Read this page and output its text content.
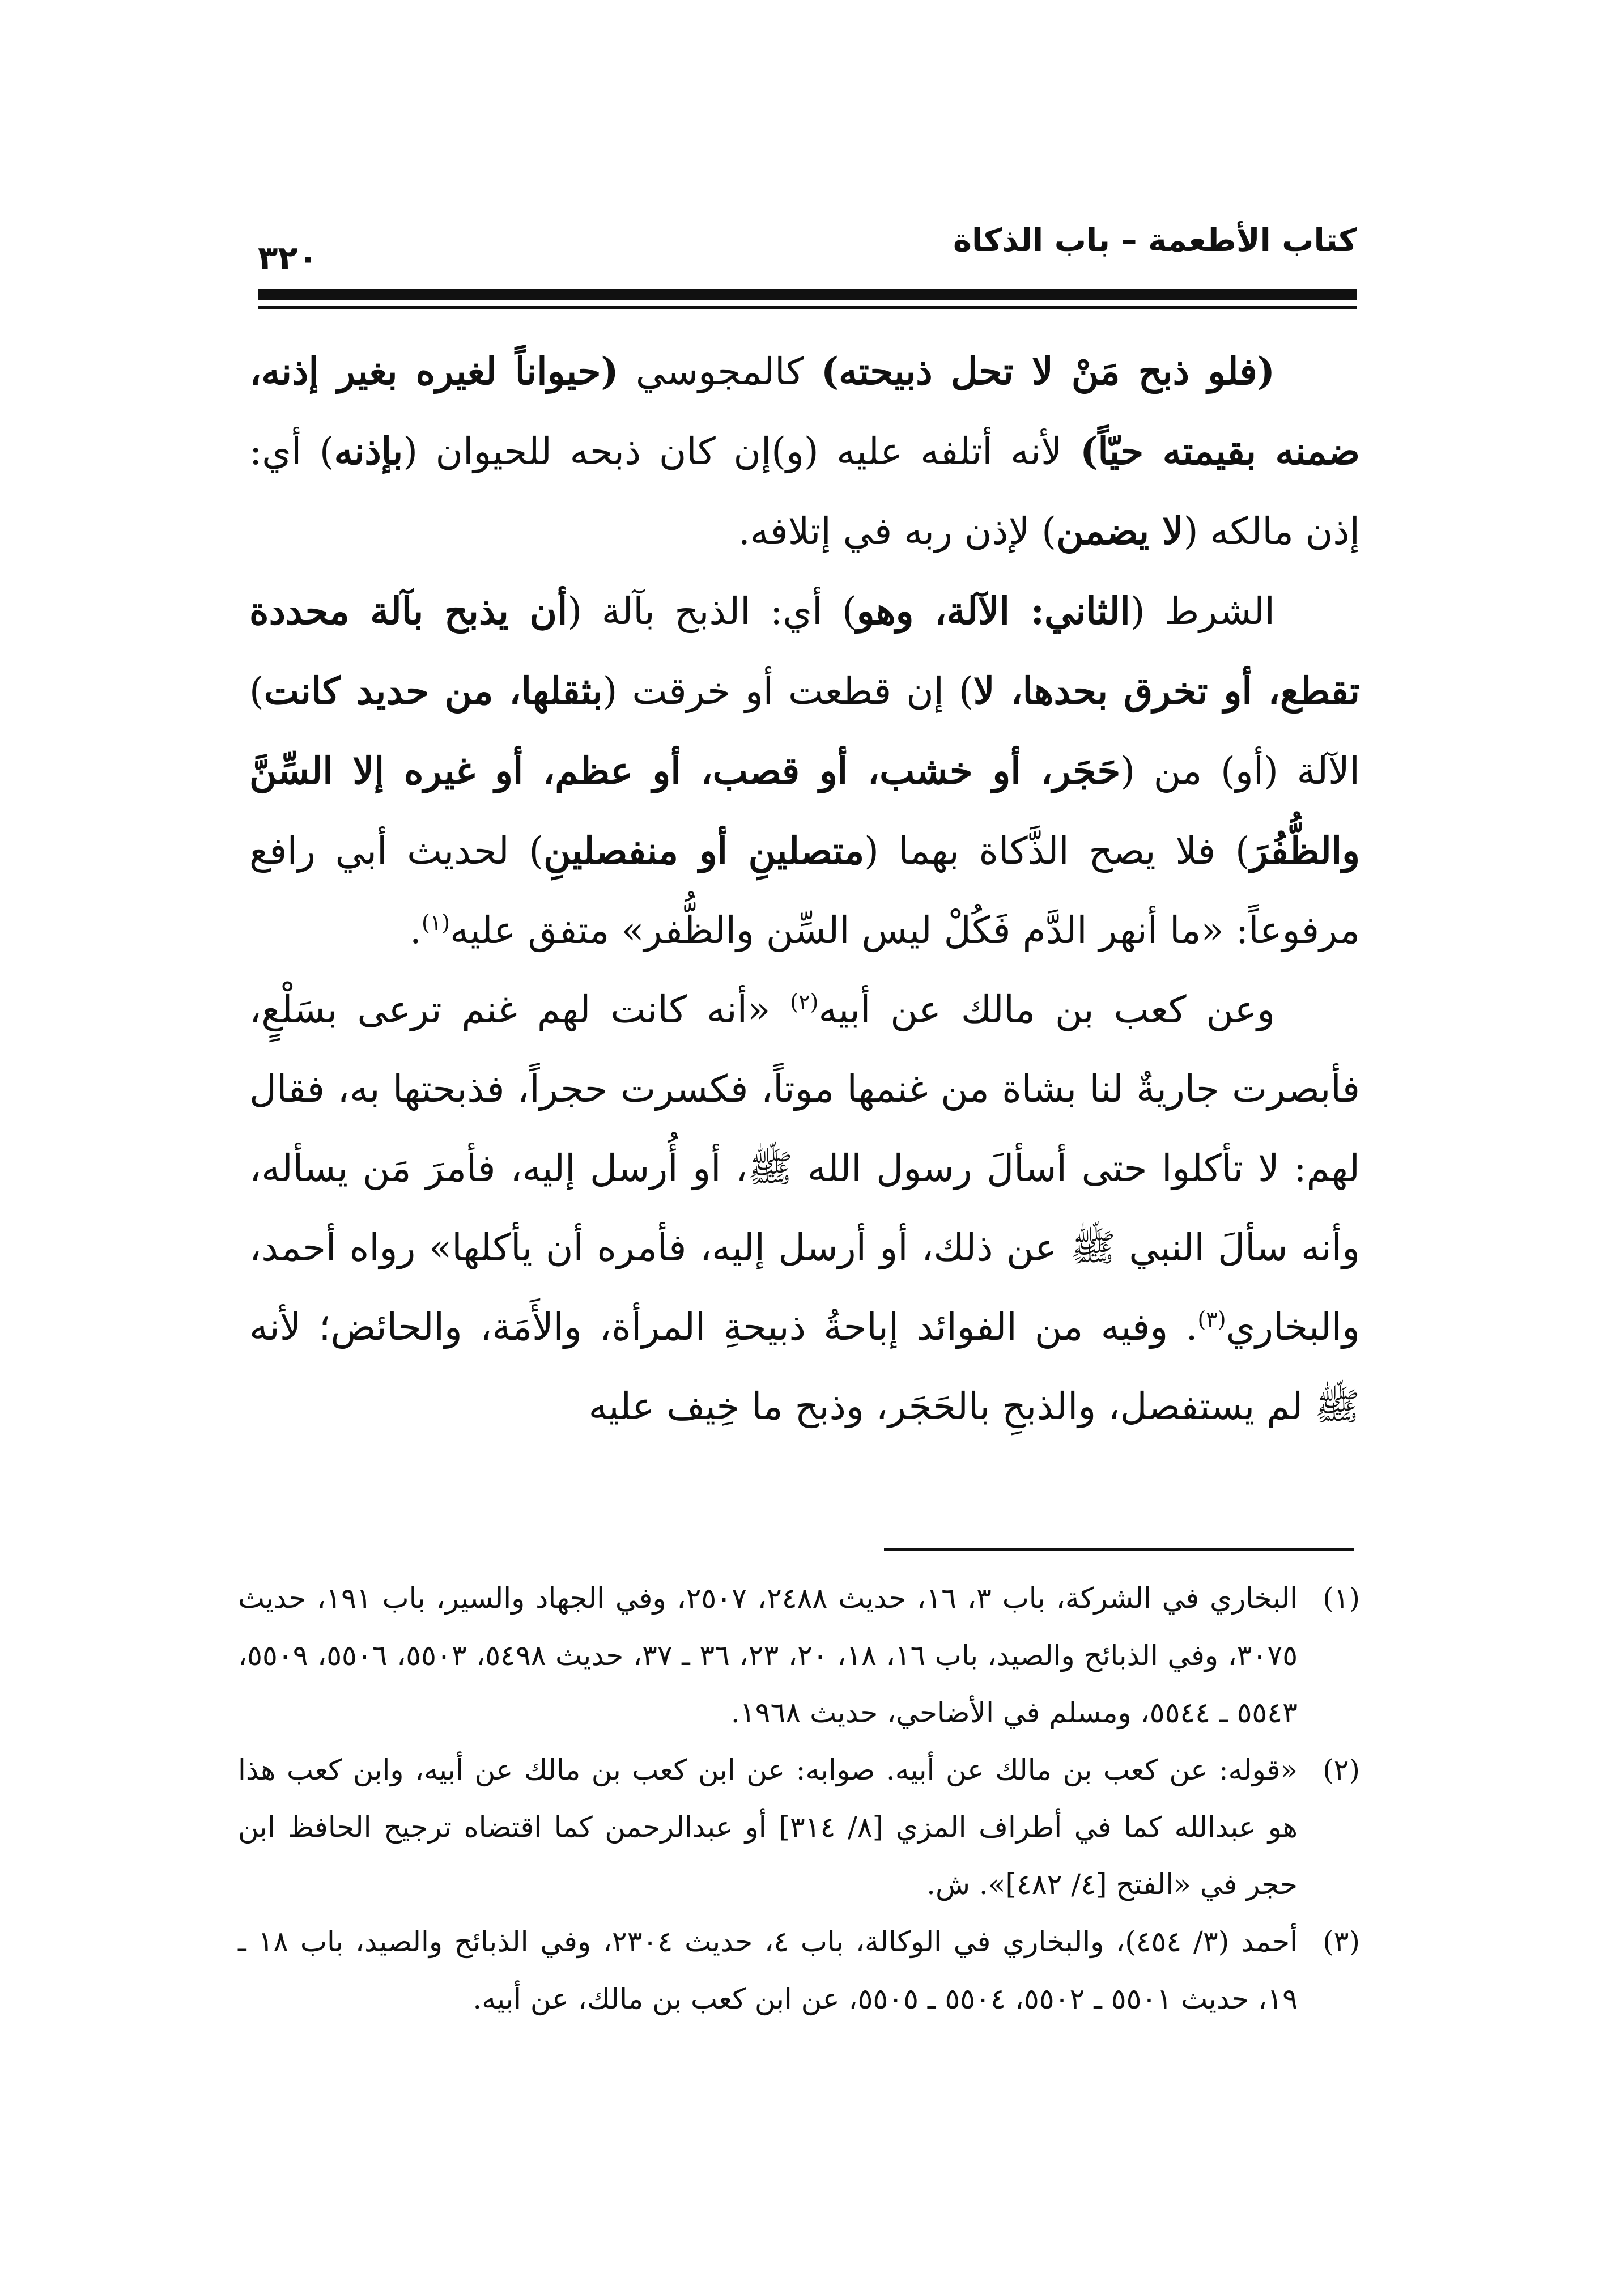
كتاب الأطعمة – باب الذكاة
٣٢٠

(فلو ذبح مَنْ لا تحل ذبيحته) كالمجوسي (حيواناً لغيره بغير إذنه، ضمنه بقيمته حيّاً) لأنه أتلفه عليه (و)إن كان ذبحه للحيوان (بإذنه) أي: إذن مالكه (لا يضمن) لإذن ربه في إتلافه.

الشرط (الثاني: الآلة، وهو) أي: الذبح بآلة (أن يذبح بآلة محددة تقطع، أو تخرق بحدها، لا) إن قطعت أو خرقت (بثقلها، من حديد كانت) الآلة (أو) من (حَجَر، أو خشب، أو قصب، أو عظم، أو غيره إلا السِّنَّ والظُّفُرَ) فلا يصح الذَّكاة بهما (متصلينِ أو منفصلينِ) لحديث أبي رافع مرفوعاً: «ما أنهر الدَّم فَكُلْ ليس السِّن والظُّفر» متفق عليه$^{(١)}$.

وعن كعب بن مالك عن أبيه$^{(٢)}$ «أنه كانت لهم غنم ترعى بسَلْعٍ، فأبصرت جاريةٌ لنا بشاة من غنمها موتاً، فكسرت حجراً، فذبحتها به، فقال لهم: لا تأكلوا حتى أسألَ رسول الله ﷺ، أو أُرسل إليه، فأمرَ مَن يسأله، وأنه سألَ النبي ﷺ عن ذلك، أو أرسل إليه، فأمره أن يأكلها» رواه أحمد، والبخاري$^{(٣)}$. وفيه من الفوائد إباحةُ ذبيحةِ المرأة، والأَمَة، والحائض؛ لأنه ﷺ لم يستفصل، والذبحِ بالحَجَر، وذبح ما خِيف عليه

(١)
البخاري في الشركة، باب ٣، ١٦، حديث ٢٤٨٨، ٢٥٠٧، وفي الجهاد والسير، باب ١٩١، حديث ٣٠٧٥، وفي الذبائح والصيد، باب ١٦، ١٨، ٢٠، ٢٣، ٣٦ ـ ٣٧، حديث ٥٤٩٨، ٥٥٠٣، ٥٥٠٦، ٥٥٠٩، ٥٥٤٣ ـ ٥٥٤٤، ومسلم في الأضاحي، حديث ١٩٦٨.
(٢)
«قوله: عن كعب بن مالك عن أبيه. صوابه: عن ابن كعب بن مالك عن أبيه، وابن كعب هذا هو عبدالله كما في أطراف المزي [٨/ ٣١٤] أو عبدالرحمن كما اقتضاه ترجيح الحافظ ابن حجر في «الفتح [٤/ ٤٨٢]». ش.
(٣)
أحمد (٣/ ٤٥٤)، والبخاري في الوكالة، باب ٤، حديث ٢٣٠٤، وفي الذبائح والصيد، باب ١٨ ـ ١٩، حديث ٥٥٠١ ـ ٥٥٠٢، ٥٥٠٤ ـ ٥٥٠٥، عن ابن كعب بن مالك، عن أبيه.
